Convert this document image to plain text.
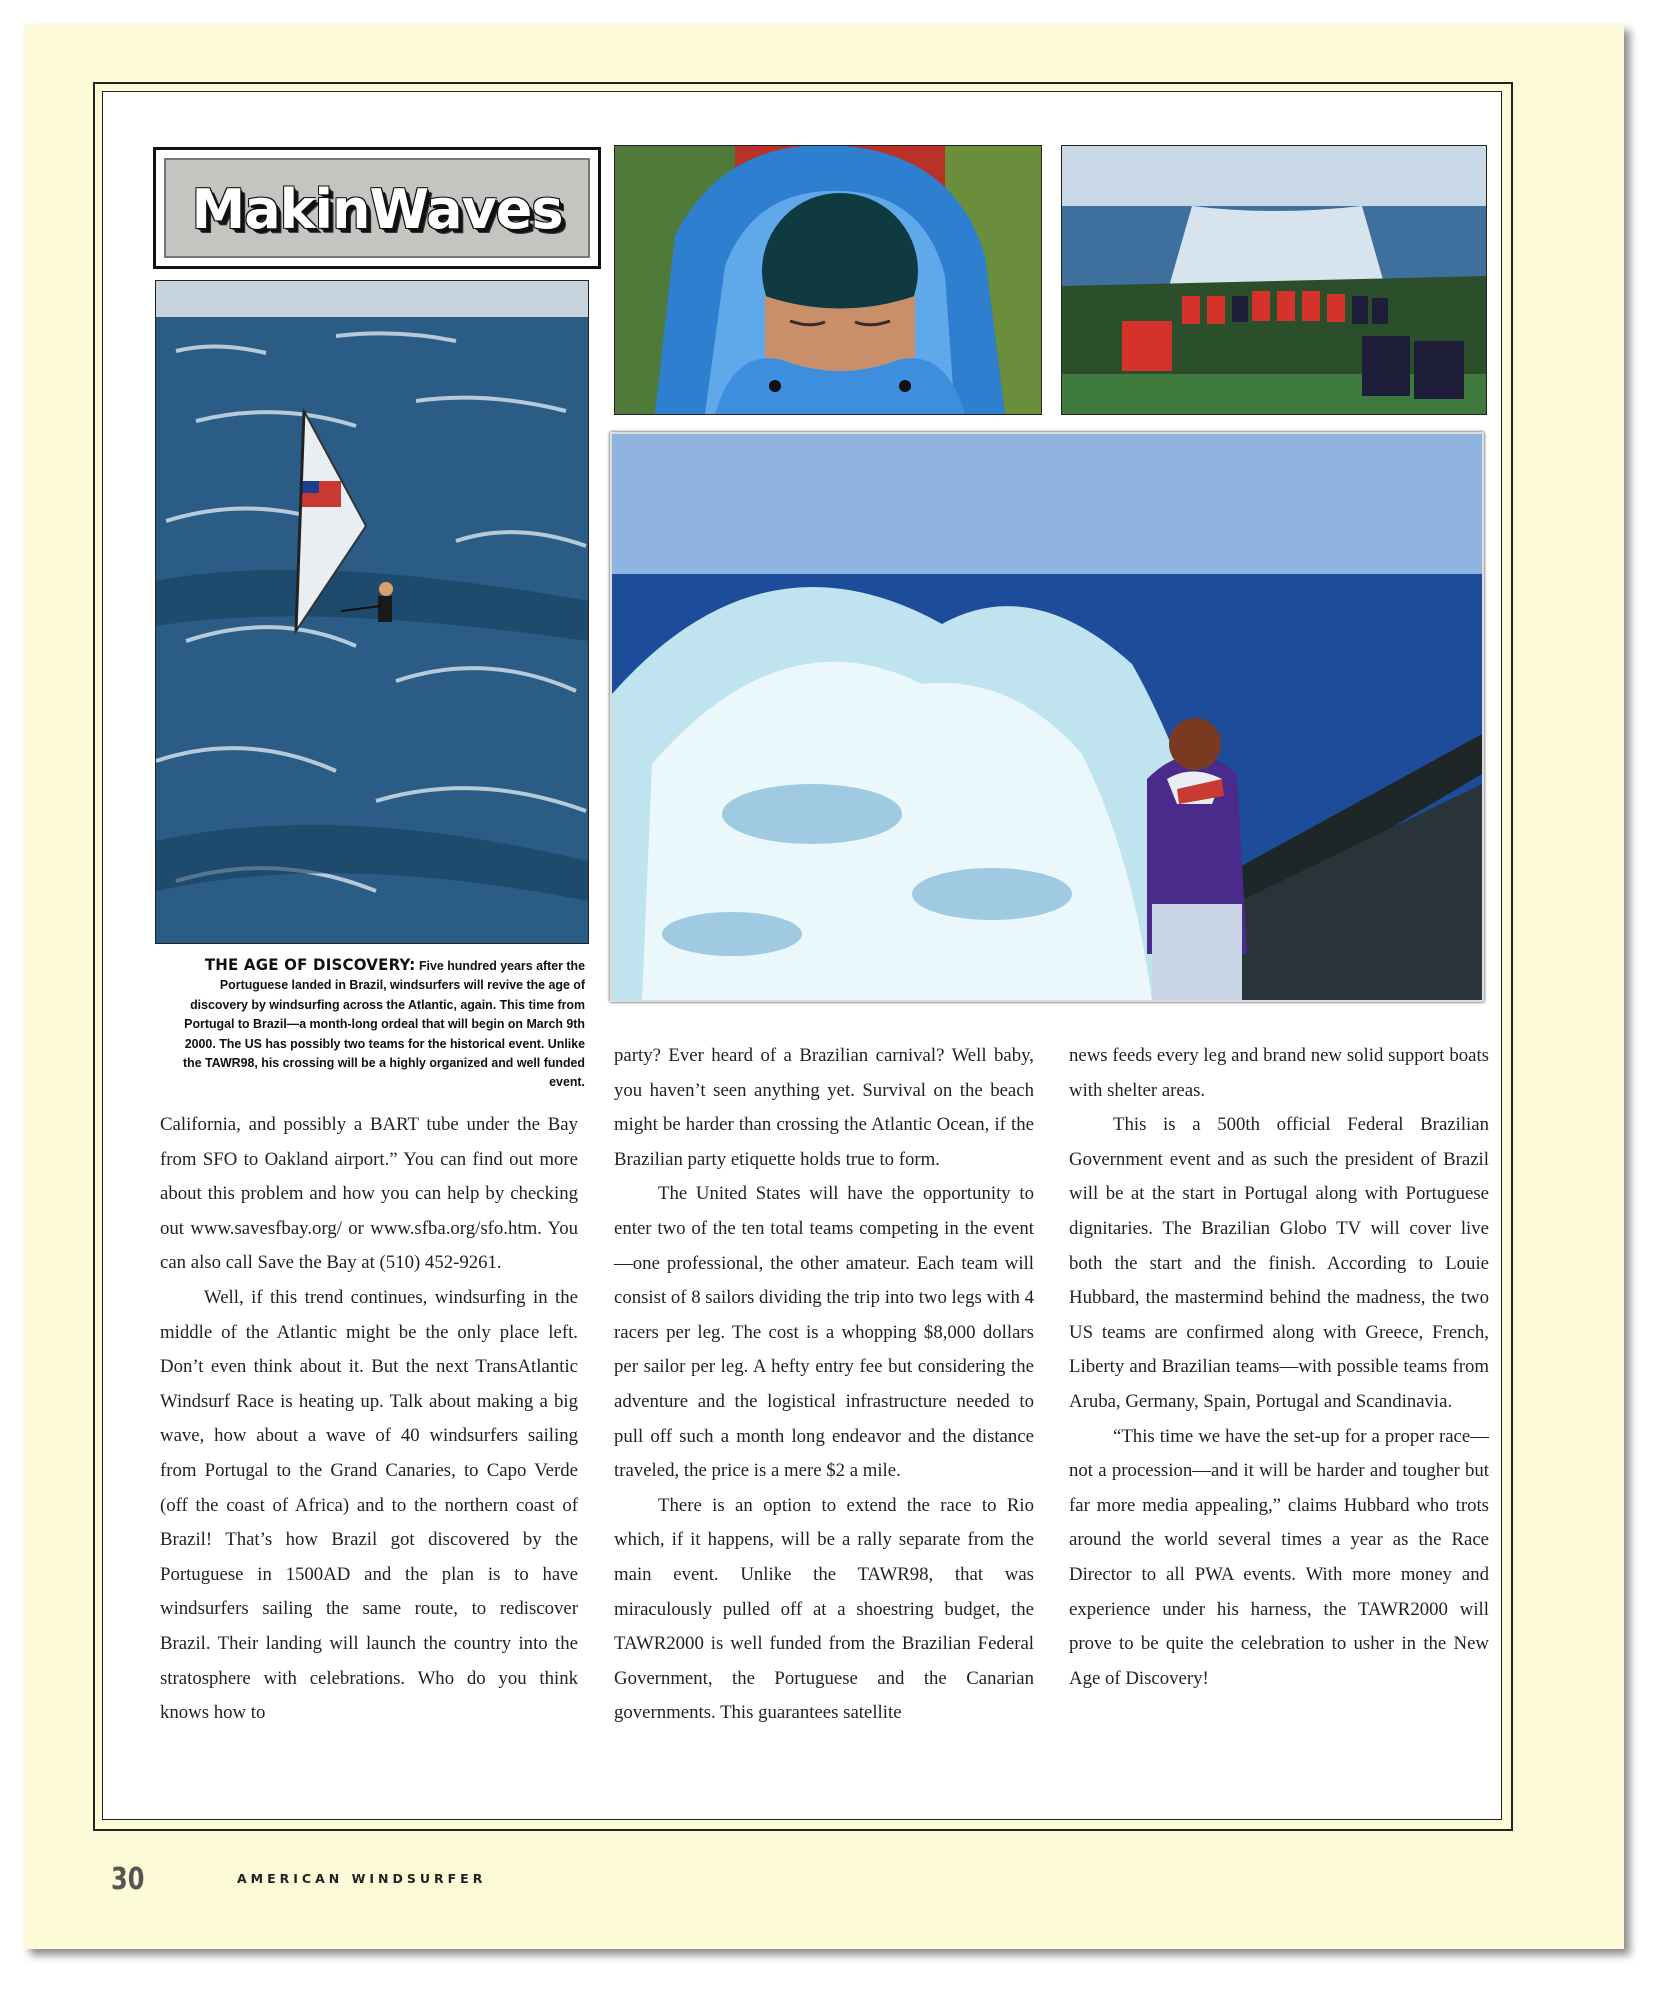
MakinWaves
THE AGE OF DISCOVERY: Five hundred years after the Portuguese landed in Brazil, windsurfers will revive the age of discovery by windsurfing across the Atlantic, again. This time from Portugal to Brazil—a month-long ordeal that will begin on March 9th 2000. The US has possibly two teams for the historical event. Unlike the TAWR98, his crossing will be a highly organized and well funded event.

California, and possibly a BART tube under the Bay from SFO to Oakland airport.” You can find out more about this problem and how you can help by checking out www.savesfbay.org/ or www.sfba.org/sfo.htm. You can also call Save the Bay at (510) 452-9261.

Well, if this trend continues, windsurfing in the middle of the Atlantic might be the only place left. Don’t even think about it. But the next TransAtlantic Windsurf Race is heating up. Talk about making a big wave, how about a wave of 40 windsurfers sailing from Portugal to the Grand Canaries, to Capo Verde (off the coast of Africa) and to the northern coast of Brazil! That’s how Brazil got discovered by the Portuguese in 1500AD and the plan is to have windsurfers sailing the same route, to rediscover Brazil. Their landing will launch the country into the stratosphere with celebrations. Who do you think knows how to

party? Ever heard of a Brazilian carnival? Well baby, you haven’t seen anything yet. Survival on the beach might be harder than crossing the Atlantic Ocean, if the Brazilian party etiquette holds true to form.

The United States will have the opportunity to enter two of the ten total teams competing in the event—one professional, the other amateur. Each team will consist of 8 sailors dividing the trip into two legs with 4 racers per leg. The cost is a whopping $8,000 dollars per sailor per leg. A hefty entry fee but considering the adventure and the logistical infrastructure needed to pull off such a month long endeavor and the distance traveled, the price is a mere $2 a mile.

There is an option to extend the race to Rio which, if it happens, will be a rally separate from the main event. Unlike the TAWR98, that was miraculously pulled off at a shoestring budget, the TAWR2000 is well funded from the Brazilian Federal Government, the Portuguese and the Canarian governments. This guarantees satellite

news feeds every leg and brand new solid support boats with shelter areas.

This is a 500th official Federal Brazilian Government event and as such the president of Brazil will be at the start in Portugal along with Portuguese dignitaries. The Brazilian Globo TV will cover live both the start and the finish. According to Louie Hubbard, the mastermind behind the madness, the two US teams are confirmed along with Greece, French, Liberty and Brazilian teams—with possible teams from Aruba, Germany, Spain, Portugal and Scandinavia.

“This time we have the set-up for a proper race—not a procession—and it will be harder and tougher but far more media appealing,” claims Hubbard who trots around the world several times a year as the Race Director to all PWA events. With more money and experience under his harness, the TAWR2000 will prove to be quite the celebration to usher in the New Age of Discovery!

30	AMERICAN WINDSURFER
